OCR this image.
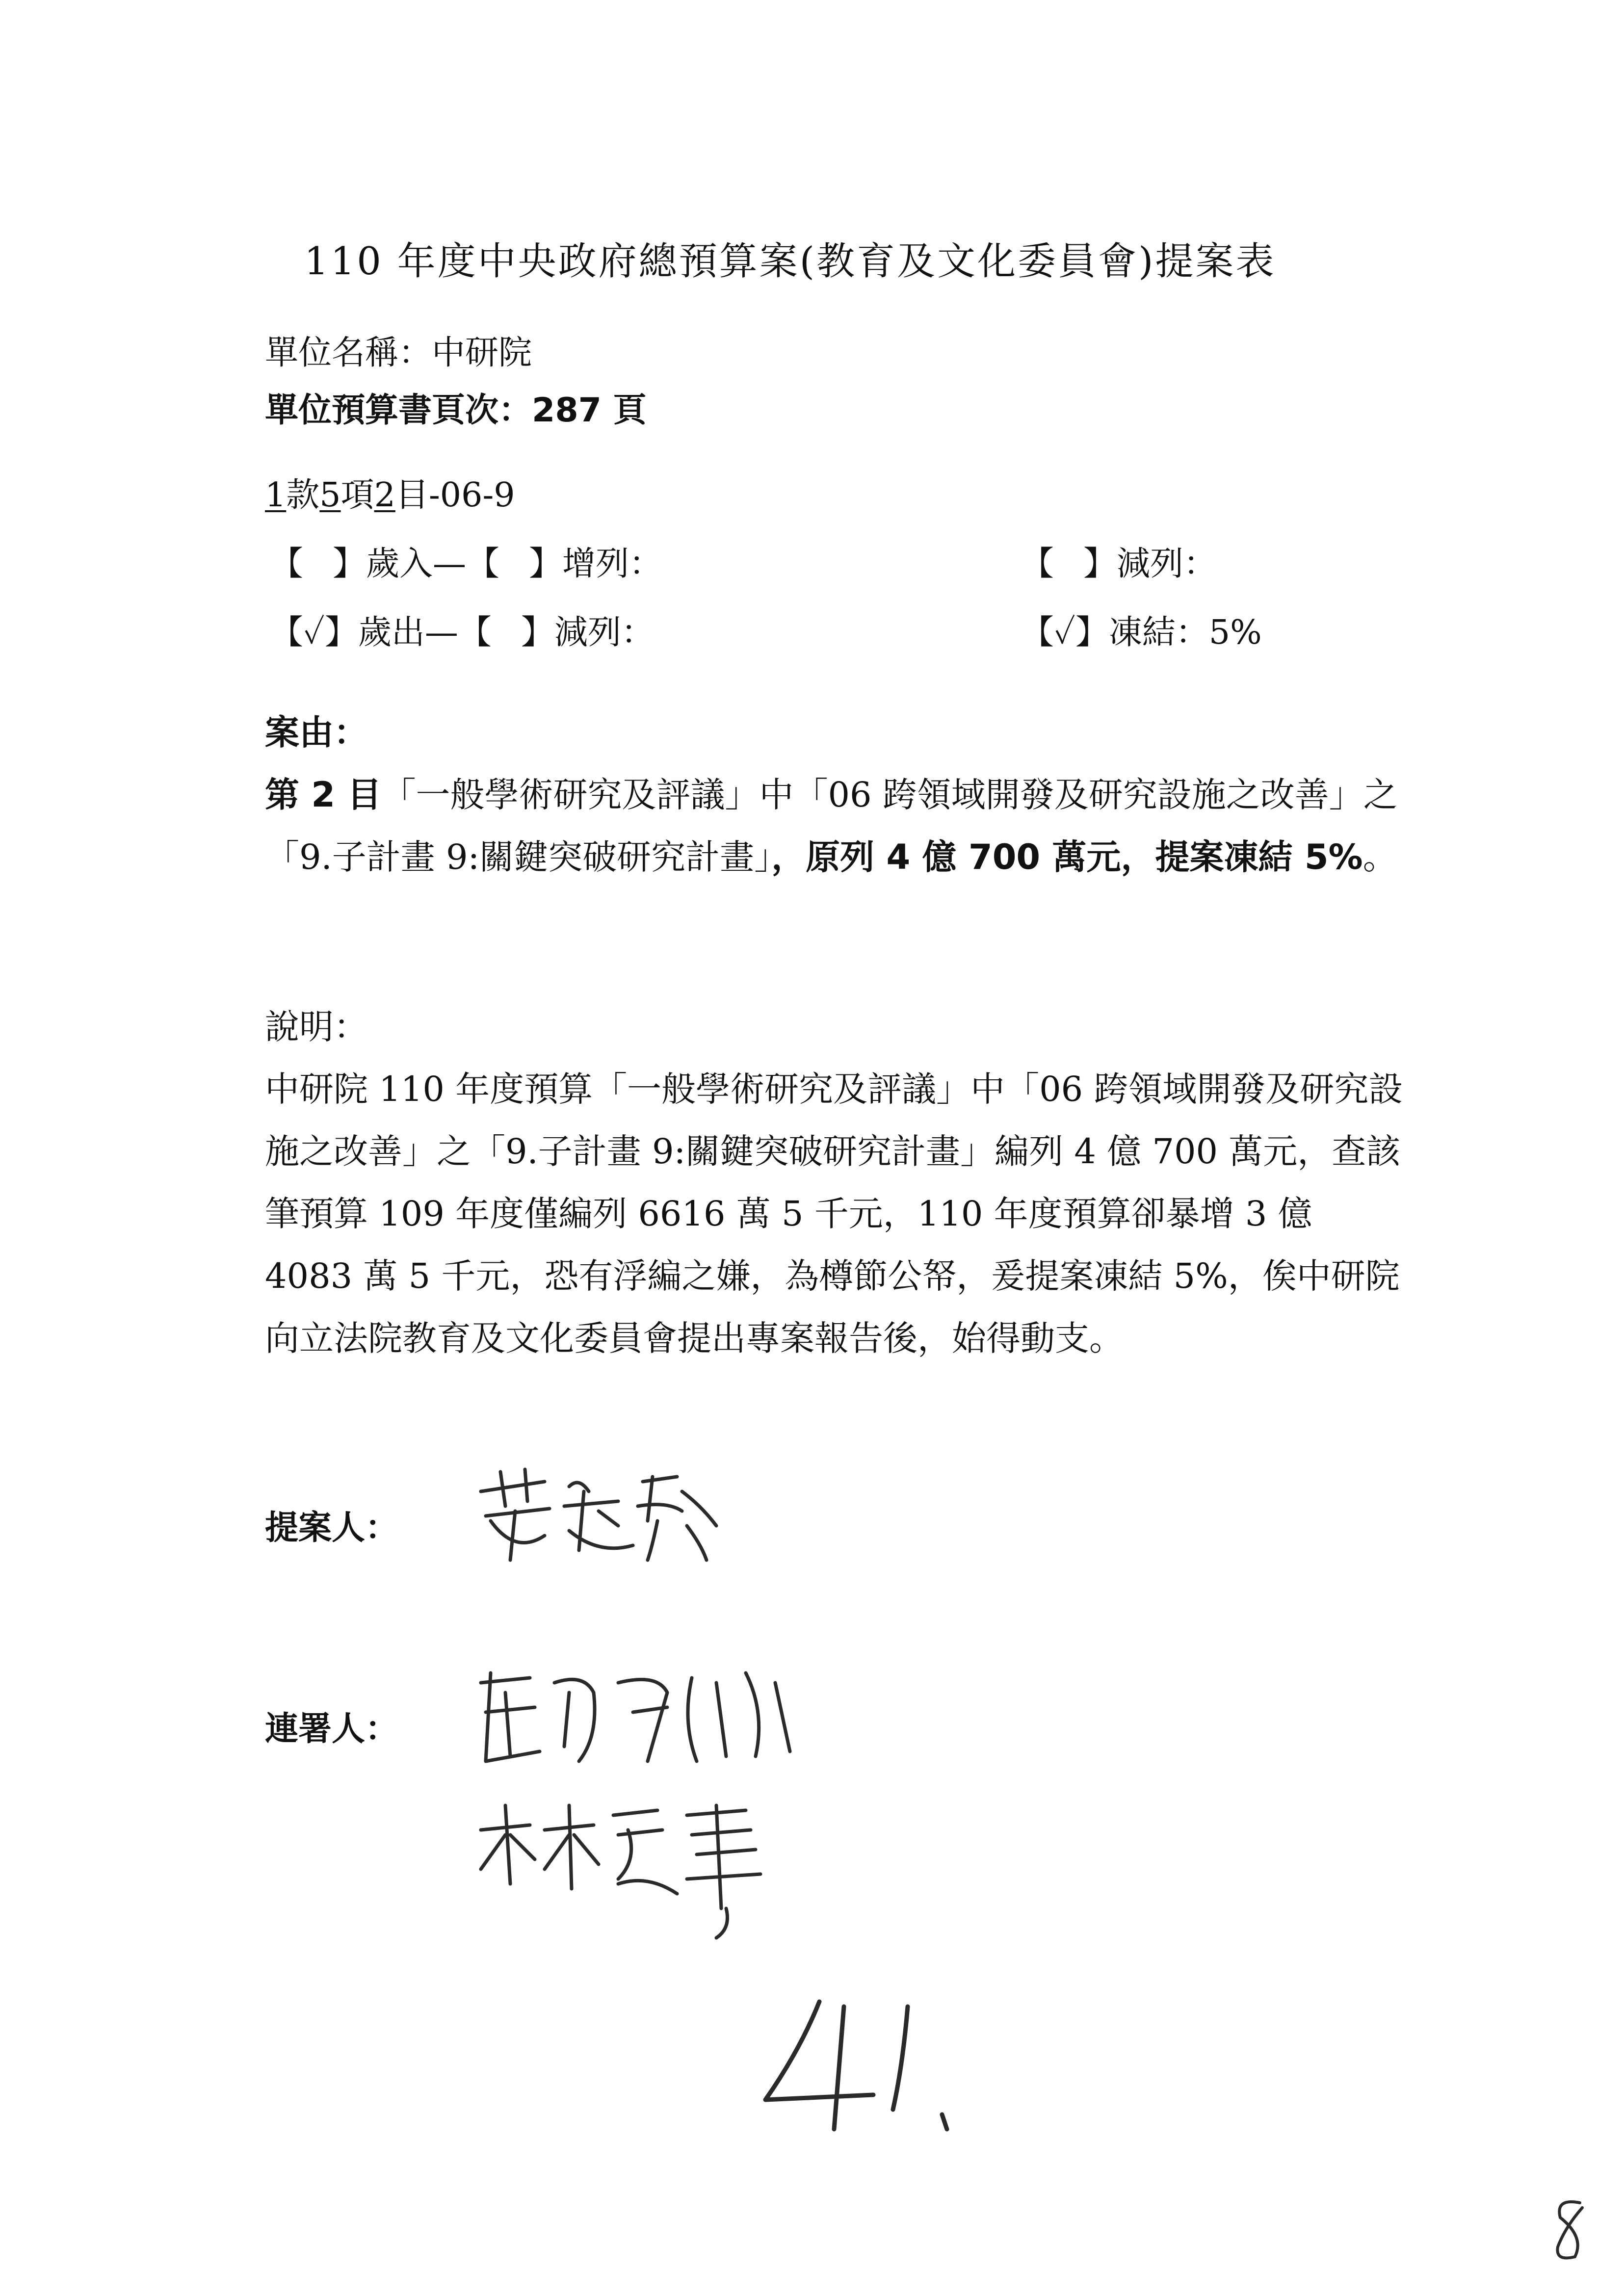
110 年度中央政府總預算案(教育及文化委員會)提案表
單位名稱：中研院
單位預算書頁次：287 頁
1款5項2目-06-9
【 】歲入—【 】增列：	【 】減列：
【✓】歲出—【 】減列：	【✓】凍結：5%

案由：

第 2 目「一般學術研究及評議」中「06 跨領域開發及研究設施之改善」之「9.子計畫 9:關鍵突破研究計畫」，原列 4 億 700 萬元，提案凍結 5%。

說明：

中研院 110 年度預算「一般學術研究及評議」中「06 跨領域開發及研究設施之改善」之「9.子計畫 9:關鍵突破研究計畫」編列 4 億 700 萬元，查該筆預算 109 年度僅編列 6616 萬 5 千元，110 年度預算卻暴增 3 億 4083 萬 5 千元，恐有浮編之嫌，為樽節公帑，爰提案凍結 5%，俟中研院向立法院教育及文化委員會提出專案報告後，始得動支。

提案人：
連署人：
